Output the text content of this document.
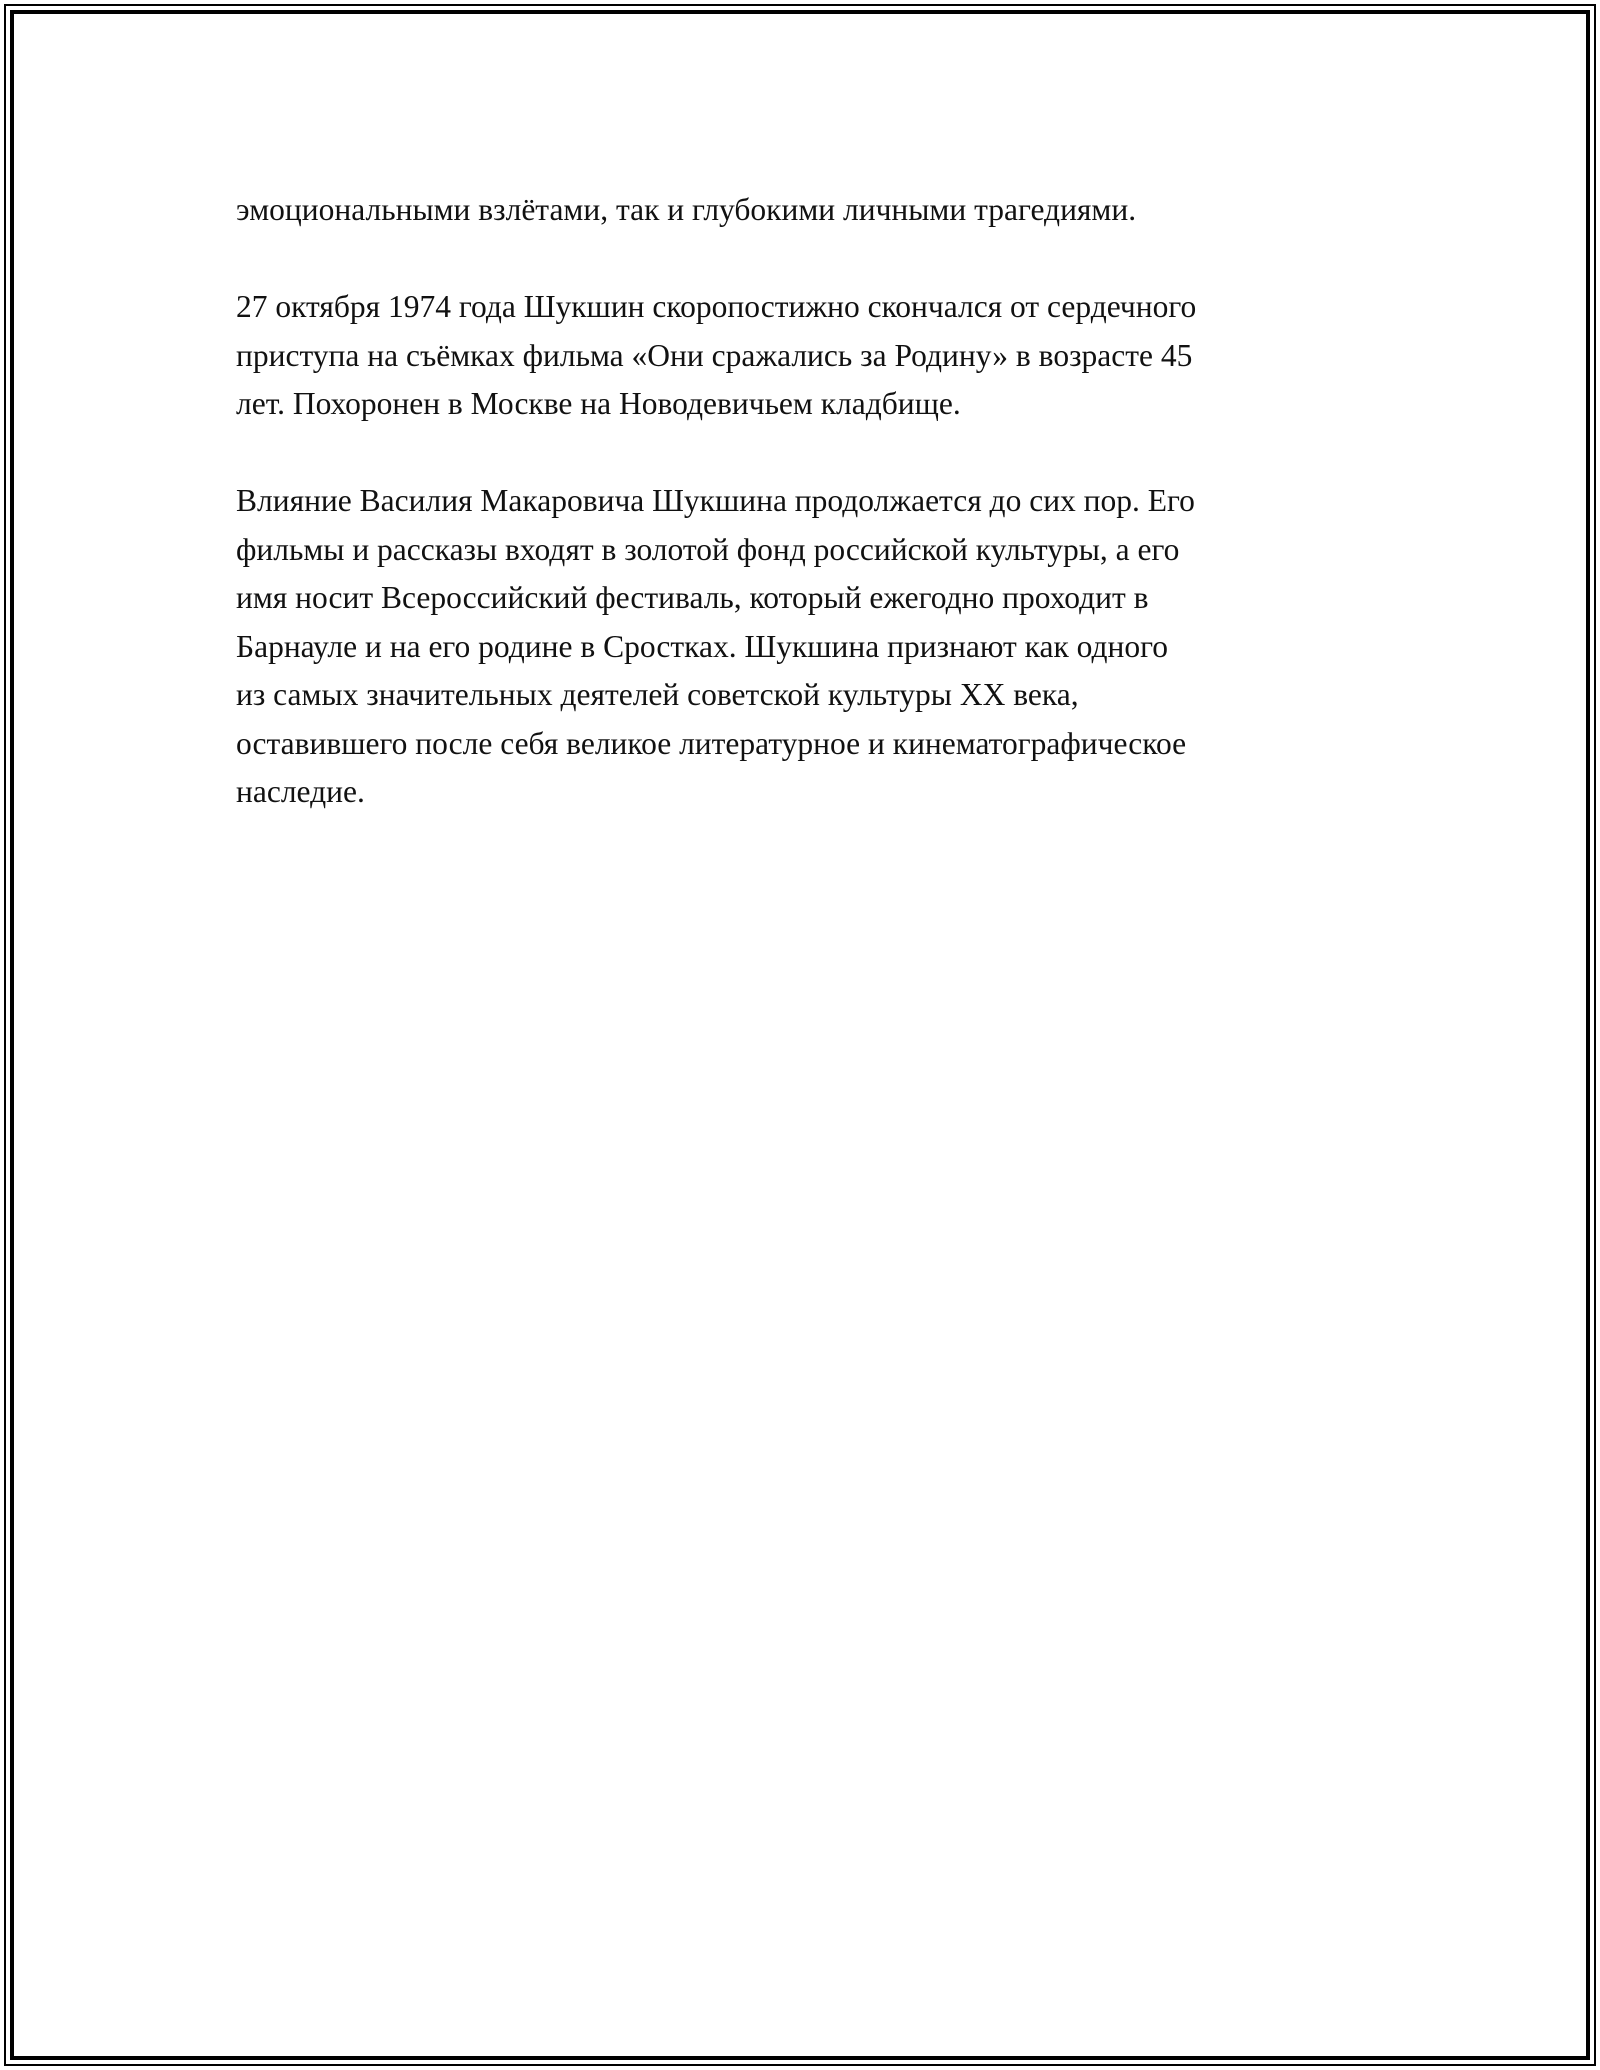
эмоциональными взлётами, так и глубокими личными трагедиями.

27 октября 1974 года Шукшин скоропостижно скончался от сердечного
приступа на съёмках фильма «Они сражались за Родину» в возрасте 45
лет. Похоронен в Москве на Новодевичьем кладбище.

Влияние Василия Макаровича Шукшина продолжается до сих пор. Его
фильмы и рассказы входят в золотой фонд российской культуры, а его
имя носит Всероссийский фестиваль, который ежегодно проходит в
Барнауле и на его родине в Сростках. Шукшина признают как одного
из самых значительных деятелей советской культуры XX века,
оставившего после себя великое литературное и кинематографическое
наследие.
